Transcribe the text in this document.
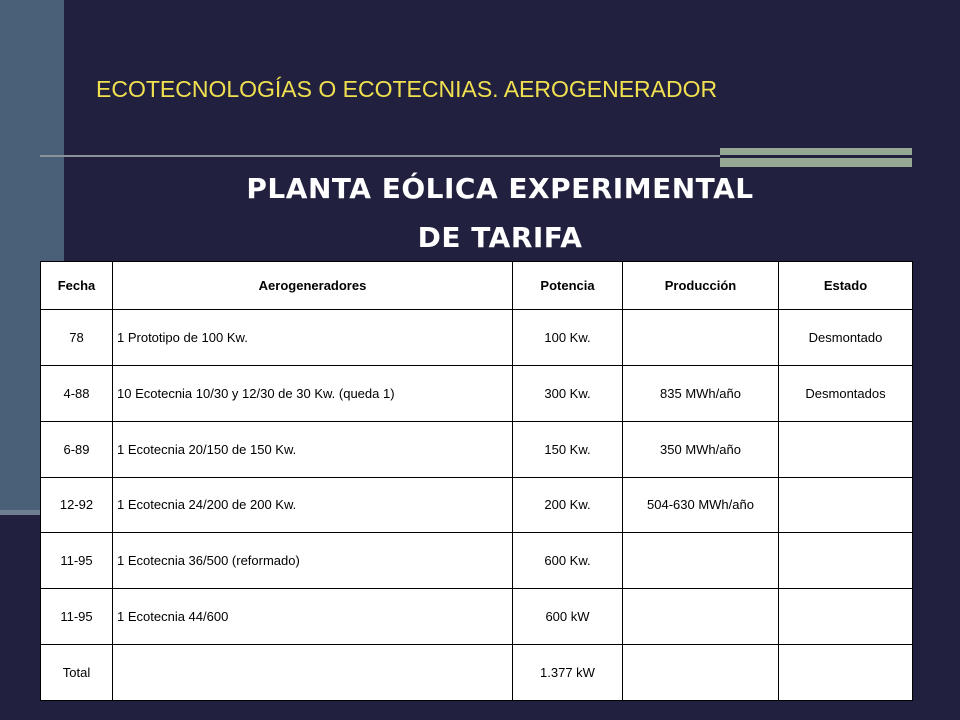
ECOTECNOLOGÍAS O ECOTECNIAS. AEROGENERADOR
PLANTA EÓLICA EXPERIMENTAL
DE TARIFA
Fecha	Aerogeneradores	Potencia	Producción	Estado
78	1 Prototipo de 100 Kw.	100 Kw.		Desmontado
4-88	10 Ecotecnia 10/30 y 12/30 de 30 Kw. (queda 1)	300 Kw.	835 MWh/año	Desmontados
6-89	1 Ecotecnia 20/150 de 150 Kw.	150 Kw.	350 MWh/año	
12-92	1 Ecotecnia 24/200 de 200 Kw.	200 Kw.	504-630 MWh/año	
11-95	1 Ecotecnia 36/500 (reformado)	600 Kw.		
11-95	1 Ecotecnia 44/600	600 kW		
Total		1.377 kW		
